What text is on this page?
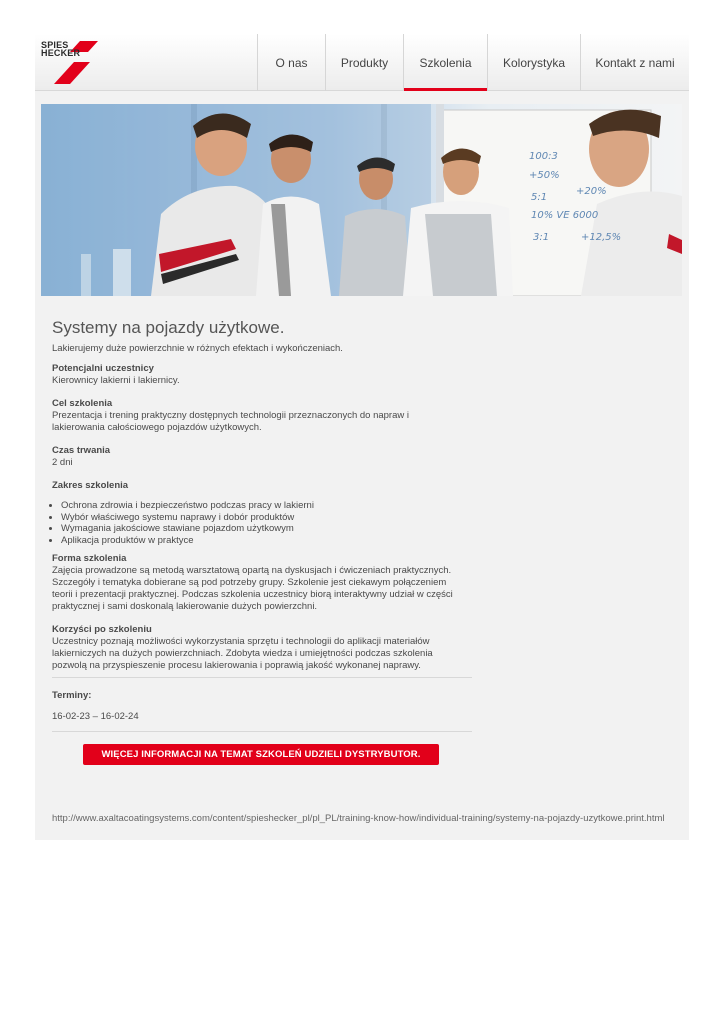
SPIES
HECKER
O nas	Produkty	Szkolenia	Kolorystyka	Kontakt z nami
100:3
+50%
5:1
+20%
10% VE 6000
3:1	+12,5%
Systemy na pojazdy użytkowe.

Lakierujemy duże powierzchnie w różnych efektach i wykończeniach.

Potencjalni uczestnicy
Kierownicy lakierni i lakiernicy.
Cel szkolenia
Prezentacja i trening praktyczny dostępnych technologii przeznaczonych do napraw i
lakierowania całościowego pojazdów użytkowych.
Czas trwania
2 dni
Zakres szkolenia
• Ochrona zdrowia i bezpieczeństwo podczas pracy w lakierni
• Wybór właściwego systemu naprawy i dobór produktów
• Wymagania jakościowe stawiane pojazdom użytkowym
• Aplikacja produktów w praktyce
Forma szkolenia
Zajęcia prowadzone są metodą warsztatową opartą na dyskusjach i ćwiczeniach praktycznych.
Szczegóły i tematyka dobierane są pod potrzeby grupy. Szkolenie jest ciekawym połączeniem
teorii i prezentacji praktycznej. Podczas szkolenia uczestnicy biorą interaktywny udział w części
praktycznej i sami doskonalą lakierowanie dużych powierzchni.
Korzyści po szkoleniu
Uczestnicy poznają możliwości wykorzystania sprzętu i technologii do aplikacji materiałów
lakierniczych na dużych powierzchniach. Zdobyta wiedza i umiejętności podczas szkolenia
pozwolą na przyspieszenie procesu lakierowania i poprawią jakość wykonanej naprawy.
Terminy:
16-02-23 – 16-02-24
WIĘCEJ INFORMACJI NA TEMAT SZKOLEŃ UDZIELI DYSTRYBUTOR.
http://www.axaltacoatingsystems.com/content/spieshecker_pl/pl_PL/training-know-how/individual-training/systemy-na-pojazdy-uzytkowe.print.html
